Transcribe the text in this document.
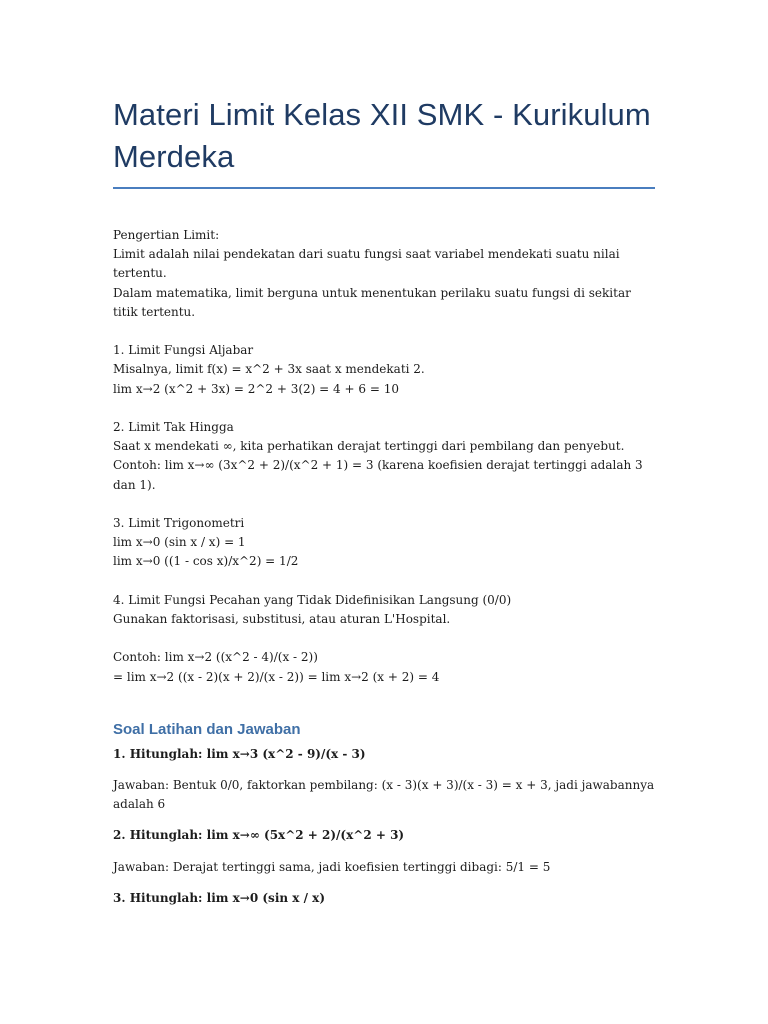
Materi Limit Kelas XII SMK - Kurikulum Merdeka

Pengertian Limit:
Limit adalah nilai pendekatan dari suatu fungsi saat variabel mendekati suatu nilai tertentu.
Dalam matematika, limit berguna untuk menentukan perilaku suatu fungsi di sekitar titik tertentu.

1. Limit Fungsi Aljabar
Misalnya, limit f(x) = x^2 + 3x saat x mendekati 2.
lim x→2 (x^2 + 3x) = 2^2 + 3(2) = 4 + 6 = 10

2. Limit Tak Hingga
Saat x mendekati ∞, kita perhatikan derajat tertinggi dari pembilang dan penyebut.
Contoh: lim x→∞ (3x^2 + 2)/(x^2 + 1) = 3 (karena koefisien derajat tertinggi adalah 3 dan 1).

3. Limit Trigonometri
lim x→0 (sin x / x) = 1
lim x→0 ((1 - cos x)/x^2) = 1/2

4. Limit Fungsi Pecahan yang Tidak Didefinisikan Langsung (0/0)
Gunakan faktorisasi, substitusi, atau aturan L'Hospital.

Contoh: lim x→2 ((x^2 - 4)/(x - 2))
= lim x→2 ((x - 2)(x + 2)/(x - 2)) = lim x→2 (x + 2) = 4

Soal Latihan dan Jawaban

1. Hitunglah: lim x→3 (x^2 - 9)/(x - 3)

Jawaban: Bentuk 0/0, faktorkan pembilang: (x - 3)(x + 3)/(x - 3) = x + 3, jadi jawabannya adalah 6

2. Hitunglah: lim x→∞ (5x^2 + 2)/(x^2 + 3)

Jawaban: Derajat tertinggi sama, jadi koefisien tertinggi dibagi: 5/1 = 5

3. Hitunglah: lim x→0 (sin x / x)
